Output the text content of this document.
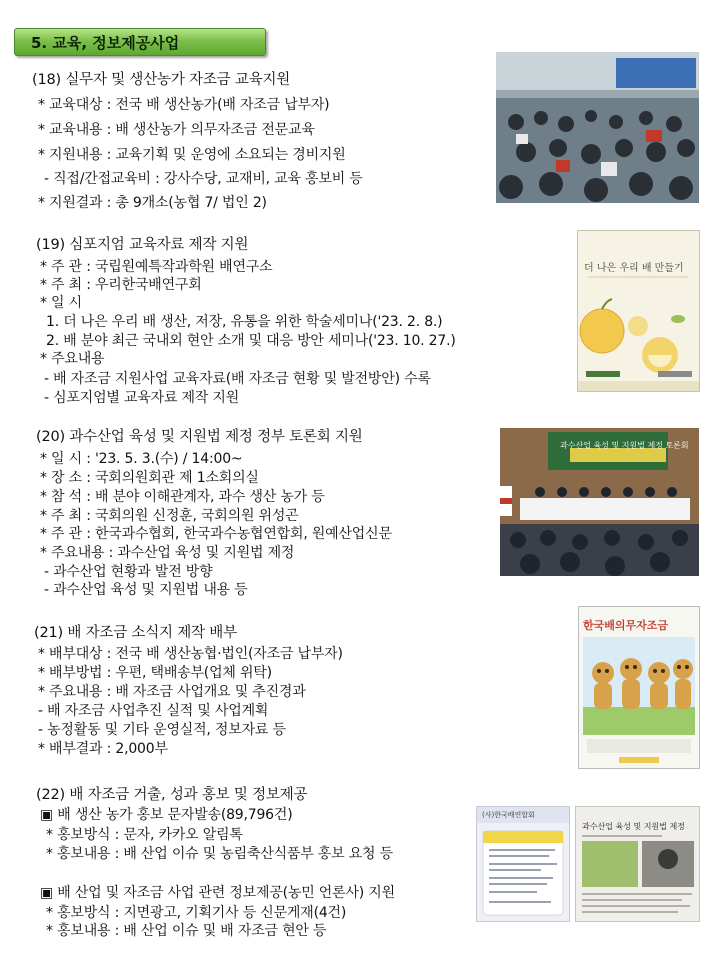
5. 교육, 정보제공사업
(18) 실무자 및 생산농가 자조금 교육지원
* 교육대상 : 전국 배 생산농가(배 자조금 납부자)
* 교육내용 : 배 생산농가 의무자조금 전문교육
* 지원내용 : 교육기획 및 운영에 소요되는 경비지원
- 직접/간접교육비 : 강사수당, 교재비, 교육 홍보비 등
* 지원결과 : 총 9개소(농협 7/ 법인 2)
(19) 심포지엄 교육자료 제작 지원
* 주 관 : 국립원예특작과학원 배연구소
* 주 최 : 우리한국배연구회
* 일 시
1. 더 나은 우리 배 생산, 저장, 유통을 위한 학술세미나('23. 2. 8.)
2. 배 분야 최근 국내외 현안 소개 및 대응 방안 세미나('23. 10. 27.)
* 주요내용
- 배 자조금 지원사업 교육자료(배 자조금 현황 및 발전방안) 수록
- 심포지엄별 교육자료 제작 지원
더 나은 우리 배 만들기
(20) 과수산업 육성 및 지원법 제정 정부 토론회 지원
* 일 시 : '23. 5. 3.(수) / 14:00~
* 장 소 : 국회의원회관 제 1소회의실
* 참 석 : 배 분야 이해관계자, 과수 생산 농가 등
* 주 최 : 국회의원 신정훈, 국회의원 위성곤
* 주 관 : 한국과수협회, 한국과수농협연합회, 원예산업신문
* 주요내용 : 과수산업 육성 및 지원법 제정
- 과수산업 현황과 발전 방향
- 과수산업 육성 및 지원법 내용 등
과수산업 육성 및 지원법 제정 토론회
(21) 배 자조금 소식지 제작 배부
* 배부대상 : 전국 배 생산농협·법인(자조금 납부자)
* 배부방법 : 우편, 택배송부(업체 위탁)
* 주요내용 : 배 자조금 사업개요 및 추진경과
- 배 자조금 사업추진 실적 및 사업계획
- 농정활동 및 기타 운영실적, 정보자료 등
* 배부결과 : 2,000부
한국배의무자조금
(22) 배 자조금 거출, 성과 홍보 및 정보제공
▣ 배 생산 농가 홍보 문자발송(89,796건)
* 홍보방식 : 문자, 카카오 알림톡
* 홍보내용 : 배 산업 이슈 및 농림축산식품부 홍보 요청 등
▣ 배 산업 및 자조금 사업 관련 정보제공(농민 언론사) 지원
* 홍보방식 : 지면광고, 기획기사 등 신문게재(4건)
* 홍보내용 : 배 산업 이슈 및 배 자조금 현안 등
(사)한국배연합회
과수산업 육성 및 지원법 제정
